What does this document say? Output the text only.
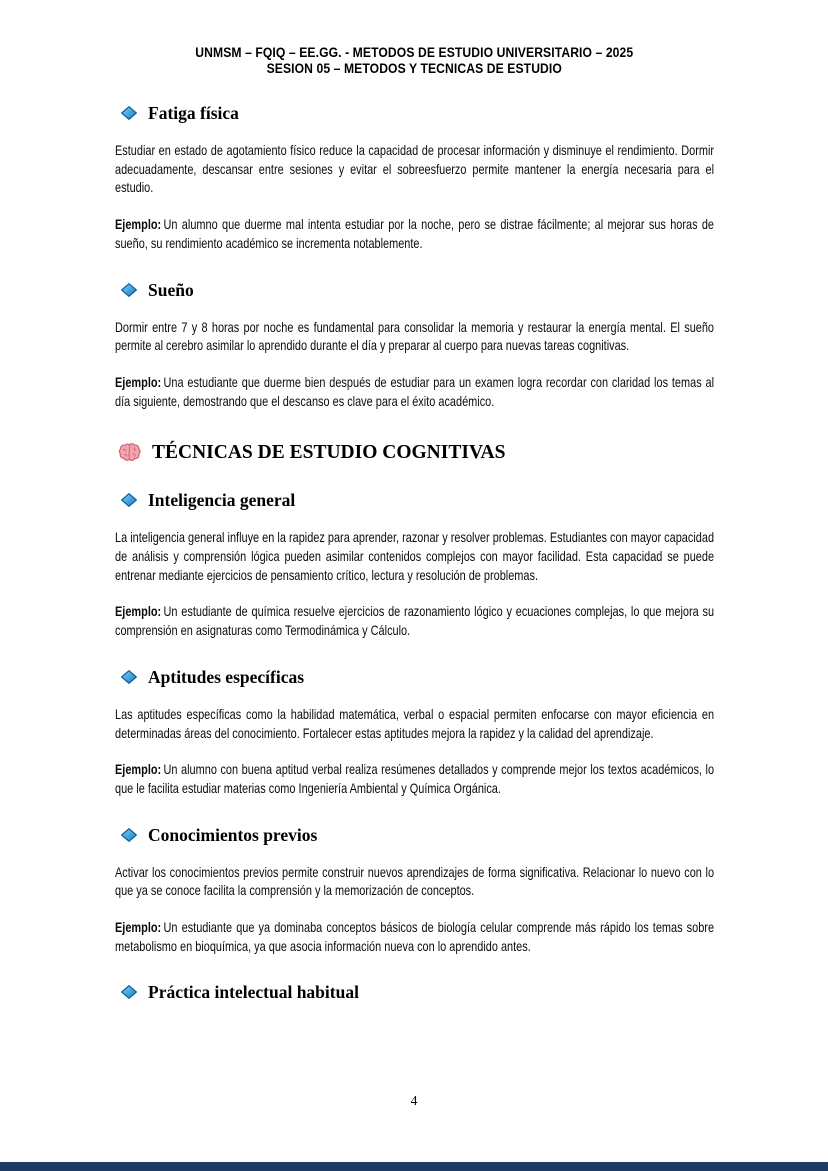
UNMSM – FQIQ – EE.GG. - METODOS DE ESTUDIO UNIVERSITARIO – 2025
SESION 05 – METODOS Y TECNICAS DE ESTUDIO
Fatiga física

Estudiar en estado de agotamiento físico reduce la capacidad de procesar información y disminuye el rendimiento. Dormir adecuadamente, descansar entre sesiones y evitar el sobreesfuerzo permite mantener la energía necesaria para el estudio.

Ejemplo: Un alumno que duerme mal intenta estudiar por la noche, pero se distrae fácilmente; al mejorar sus horas de sueño, su rendimiento académico se incrementa notablemente.

Sueño

Dormir entre 7 y 8 horas por noche es fundamental para consolidar la memoria y restaurar la energía mental. El sueño permite al cerebro asimilar lo aprendido durante el día y preparar al cuerpo para nuevas tareas cognitivas.

Ejemplo: Una estudiante que duerme bien después de estudiar para un examen logra recordar con claridad los temas al día siguiente, demostrando que el descanso es clave para el éxito académico.

TÉCNICAS DE ESTUDIO COGNITIVAS
Inteligencia general

La inteligencia general influye en la rapidez para aprender, razonar y resolver problemas. Estudiantes con mayor capacidad de análisis y comprensión lógica pueden asimilar contenidos complejos con mayor facilidad. Esta capacidad se puede entrenar mediante ejercicios de pensamiento crítico, lectura y resolución de problemas.

Ejemplo: Un estudiante de química resuelve ejercicios de razonamiento lógico y ecuaciones complejas, lo que mejora su comprensión en asignaturas como Termodinámica y Cálculo.

Aptitudes específicas

Las aptitudes específicas como la habilidad matemática, verbal o espacial permiten enfocarse con mayor eficiencia en determinadas áreas del conocimiento. Fortalecer estas aptitudes mejora la rapidez y la calidad del aprendizaje.

Ejemplo: Un alumno con buena aptitud verbal realiza resúmenes detallados y comprende mejor los textos académicos, lo que le facilita estudiar materias como Ingeniería Ambiental y Química Orgánica.

Conocimientos previos

Activar los conocimientos previos permite construir nuevos aprendizajes de forma significativa. Relacionar lo nuevo con lo que ya se conoce facilita la comprensión y la memorización de conceptos.

Ejemplo: Un estudiante que ya dominaba conceptos básicos de biología celular comprende más rápido los temas sobre metabolismo en bioquímica, ya que asocia información nueva con lo aprendido antes.

Práctica intelectual habitual
4
